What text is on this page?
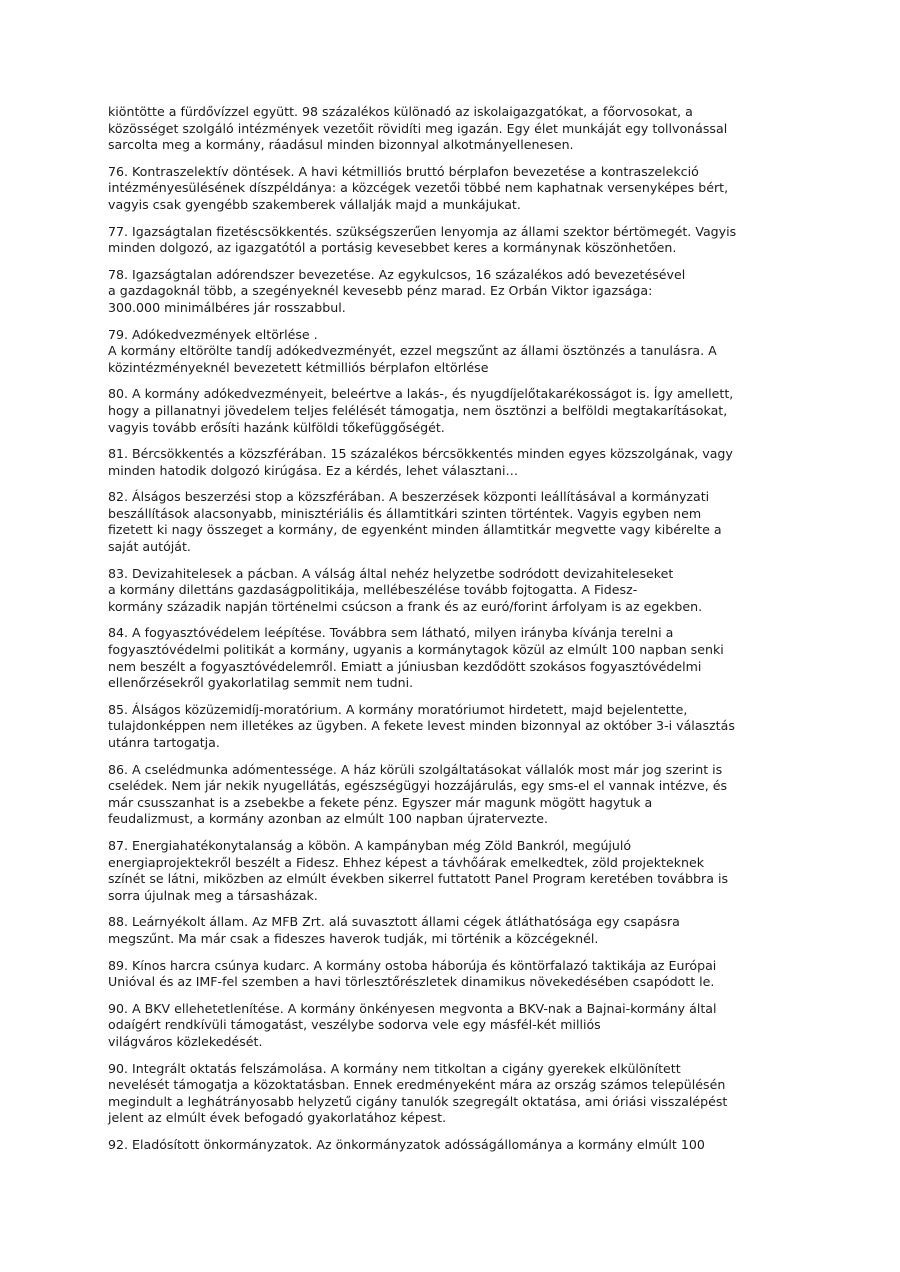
kiöntötte a fürdővízzel együtt. 98 százalékos különadó az iskolaigazgatókat, a főorvosokat, a
közösséget szolgáló intézmények vezetőit rövidíti meg igazán. Egy élet munkáját egy tollvonással
sarcolta meg a kormány, ráadásul minden bizonnyal alkotmányellenesen.

76. Kontraszelektív döntések. A havi kétmilliós bruttó bérplafon bevezetése a kontraszelekció
intézményesülésének díszpéldánya: a közcégek vezetői többé nem kaphatnak versenyképes bért,
vagyis csak gyengébb szakemberek vállalják majd a munkájukat.

77. Igazságtalan fizetéscsökkentés. szükségszerűen lenyomja az állami szektor bértömegét. Vagyis
minden dolgozó, az igazgatótól a portásig kevesebbet keres a kormánynak köszönhetően.

78. Igazságtalan adórendszer bevezetése. Az egykulcsos, 16 százalékos adó bevezetésével
a gazdagoknál több, a szegényeknél kevesebb pénz marad. Ez Orbán Viktor igazsága:
300.000 minimálbéres jár rosszabbul.

79. Adókedvezmények eltörlése .
A kormány eltörölte tandíj adókedvezményét, ezzel megszűnt az állami ösztönzés a tanulásra. A
közintézményeknél bevezetett kétmilliós bérplafon eltörlése

80. A kormány adókedvezményeit, beleértve a lakás-, és nyugdíjelőtakarékosságot is. Így amellett,
hogy a pillanatnyi jövedelem teljes felélését támogatja, nem ösztönzi a belföldi megtakarításokat,
vagyis tovább erősíti hazánk külföldi tőkefüggőségét.

81. Bércsökkentés a közszférában. 15 százalékos bércsökkentés minden egyes közszolgának, vagy
minden hatodik dolgozó kirúgása. Ez a kérdés, lehet választani…

82. Álságos beszerzési stop a közszférában. A beszerzések központi leállításával a kormányzati
beszállítások alacsonyabb, minisztériális és államtitkári szinten történtek. Vagyis egyben nem
fizetett ki nagy összeget a kormány, de egyenként minden államtitkár megvette vagy kibérelte a
saját autóját.

83. Devizahitelesek a pácban. A válság által nehéz helyzetbe sodródott devizahiteleseket
a kormány dilettáns gazdaságpolitikája, mellébeszélése tovább fojtogatta. A Fidesz-
kormány századik napján történelmi csúcson a frank és az euró/forint árfolyam is az egekben.

84. A fogyasztóvédelem leépítése. Továbbra sem látható, milyen irányba kívánja terelni a
fogyasztóvédelmi politikát a kormány, ugyanis a kormánytagok közül az elmúlt 100 napban senki
nem beszélt a fogyasztóvédelemről. Emiatt a júniusban kezdődött szokásos fogyasztóvédelmi
ellenőrzésekről gyakorlatilag semmit nem tudni.

85. Álságos közüzemidíj-moratórium. A kormány moratóriumot hirdetett, majd bejelentette,
tulajdonképpen nem illetékes az ügyben. A fekete levest minden bizonnyal az október 3-i választás
utánra tartogatja.

86. A cselédmunka adómentessége. A ház körüli szolgáltatásokat vállalók most már jog szerint is
cselédek. Nem jár nekik nyugellátás, egészségügyi hozzájárulás, egy sms-el el vannak intézve, és
már csusszanhat is a zsebekbe a fekete pénz. Egyszer már magunk mögött hagytuk a
feudalizmust, a kormány azonban az elmúlt 100 napban újratervezte.

87. Energiahatékonytalanság a köbön. A kampányban még Zöld Bankról, megújuló
energiaprojektekről beszélt a Fidesz. Ehhez képest a távhőárak emelkedtek, zöld projekteknek
színét se látni, miközben az elmúlt években sikerrel futtatott Panel Program keretében továbbra is
sorra újulnak meg a társasházak.

88. Leárnyékolt állam. Az MFB Zrt. alá suvasztott állami cégek átláthatósága egy csapásra
megszűnt. Ma már csak a fideszes haverok tudják, mi történik a közcégeknél.

89. Kínos harcra csúnya kudarc. A kormány ostoba háborúja és köntörfalazó taktikája az Európai
Unióval és az IMF-fel szemben a havi törlesztőrészletek dinamikus növekedésében csapódott le.

90. A BKV ellehetetlenítése. A kormány önkényesen megvonta a BKV-nak a Bajnai-kormány által
odaígért rendkívüli támogatást, veszélybe sodorva vele egy másfél-két milliós
világváros közlekedését.

90. Integrált oktatás felszámolása. A kormány nem titkoltan a cigány gyerekek elkülönített
nevelését támogatja a közoktatásban. Ennek eredményeként mára az ország számos településén
megindult a leghátrányosabb helyzetű cigány tanulók szegregált oktatása, ami óriási visszalépést
jelent az elmúlt évek befogadó gyakorlatához képest.

92. Eladósított önkormányzatok. Az önkormányzatok adósságállománya a kormány elmúlt 100
